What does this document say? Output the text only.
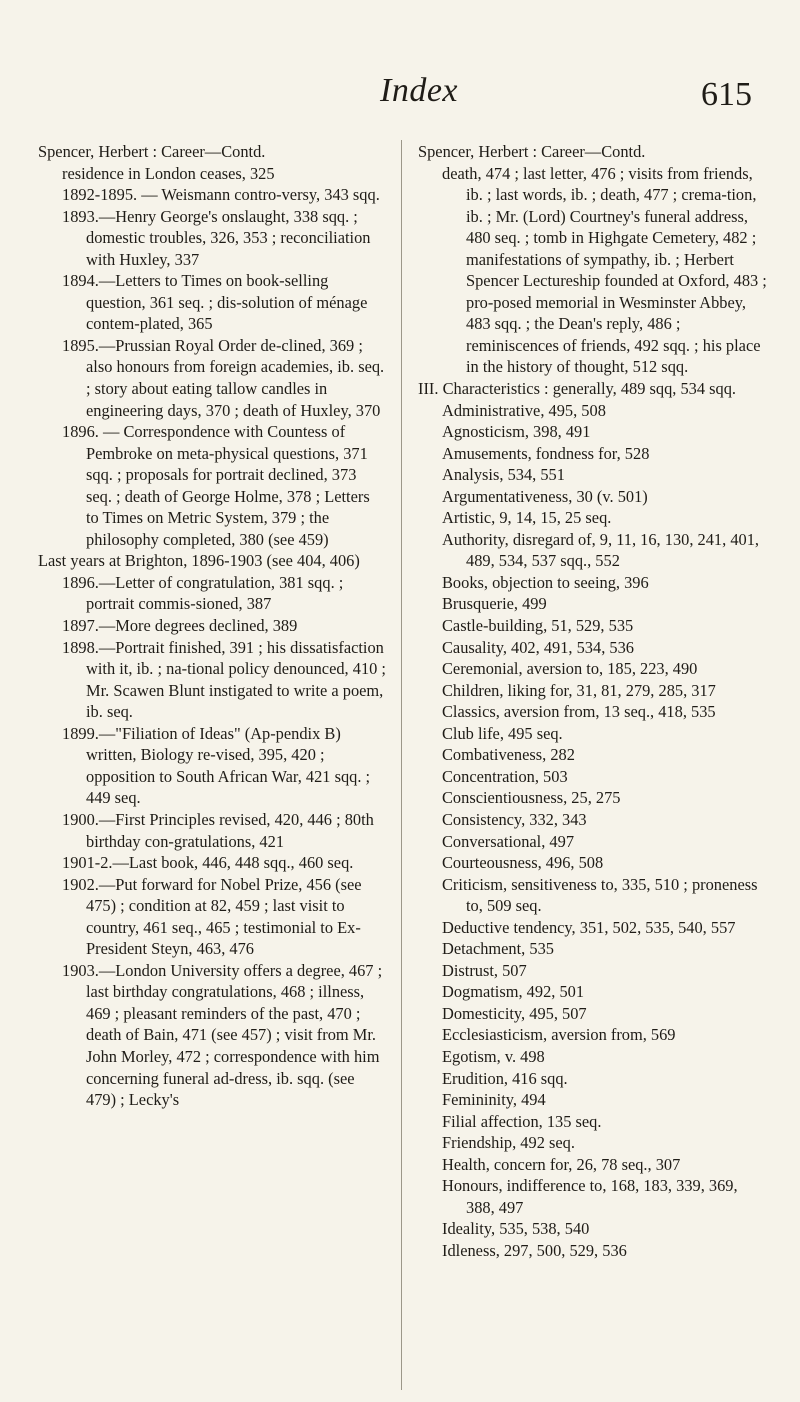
Index	615

Spencer, Herbert : Career—Contd.

residence in London ceases, 325

1892-1895. — Weismann contro-versy, 343 sqq.

1893.—Henry George's onslaught, 338 sqq. ; domestic troubles, 326, 353 ; reconciliation with Huxley, 337

1894.—Letters to Times on book-selling question, 361 seq. ; dis-solution of ménage contem-plated, 365

1895.—Prussian Royal Order de-clined, 369 ; also honours from foreign academies, ib. seq. ; story about eating tallow candles in engineering days, 370 ; death of Huxley, 370

1896. — Correspondence with Countess of Pembroke on meta-physical questions, 371 sqq. ; proposals for portrait declined, 373 seq. ; death of George Holme, 378 ; Letters to Times on Metric System, 379 ; the philosophy completed, 380 (see 459)

Last years at Brighton, 1896-1903 (see 404, 406)

1896.—Letter of congratulation, 381 sqq. ; portrait commis-sioned, 387

1897.—More degrees declined, 389

1898.—Portrait finished, 391 ; his dissatisfaction with it, ib. ; na-tional policy denounced, 410 ; Mr. Scawen Blunt instigated to write a poem, ib. seq.

1899.—"Filiation of Ideas" (Ap-pendix B) written, Biology re-vised, 395, 420 ; opposition to South African War, 421 sqq. ; 449 seq.

1900.—First Principles revised, 420, 446 ; 80th birthday con-gratulations, 421

1901-2.—Last book, 446, 448 sqq., 460 seq.

1902.—Put forward for Nobel Prize, 456 (see 475) ; condition at 82, 459 ; last visit to country, 461 seq., 465 ; testimonial to Ex-President Steyn, 463, 476

1903.—London University offers a degree, 467 ; last birthday congratulations, 468 ; illness, 469 ; pleasant reminders of the past, 470 ; death of Bain, 471 (see 457) ; visit from Mr. John Morley, 472 ; correspondence with him concerning funeral ad-dress, ib. sqq. (see 479) ; Lecky's

Spencer, Herbert : Career—Contd.

death, 474 ; last letter, 476 ; visits from friends, ib. ; last words, ib. ; death, 477 ; crema-tion, ib. ; Mr. (Lord) Courtney's funeral address, 480 seq. ; tomb in Highgate Cemetery, 482 ; manifestations of sympathy, ib. ; Herbert Spencer Lectureship founded at Oxford, 483 ; pro-posed memorial in Wesminster Abbey, 483 sqq. ; the Dean's reply, 486 ; reminiscences of friends, 492 sqq. ; his place in the history of thought, 512 sqq.

III. Characteristics : generally, 489 sqq, 534 sqq.

Administrative, 495, 508

Agnosticism, 398, 491

Amusements, fondness for, 528

Analysis, 534, 551

Argumentativeness, 30 (v. 501)

Artistic, 9, 14, 15, 25 seq.

Authority, disregard of, 9, 11, 16, 130, 241, 401, 489, 534, 537 sqq., 552

Books, objection to seeing, 396

Brusquerie, 499

Castle-building, 51, 529, 535

Causality, 402, 491, 534, 536

Ceremonial, aversion to, 185, 223, 490

Children, liking for, 31, 81, 279, 285, 317

Classics, aversion from, 13 seq., 418, 535

Club life, 495 seq.

Combativeness, 282

Concentration, 503

Conscientiousness, 25, 275

Consistency, 332, 343

Conversational, 497

Courteousness, 496, 508

Criticism, sensitiveness to, 335, 510 ; proneness to, 509 seq.

Deductive tendency, 351, 502, 535, 540, 557

Detachment, 535

Distrust, 507

Dogmatism, 492, 501

Domesticity, 495, 507

Ecclesiasticism, aversion from, 569

Egotism, v. 498

Erudition, 416 sqq.

Femininity, 494

Filial affection, 135 seq.

Friendship, 492 seq.

Health, concern for, 26, 78 seq., 307

Honours, indifference to, 168, 183, 339, 369, 388, 497

Ideality, 535, 538, 540

Idleness, 297, 500, 529, 536
